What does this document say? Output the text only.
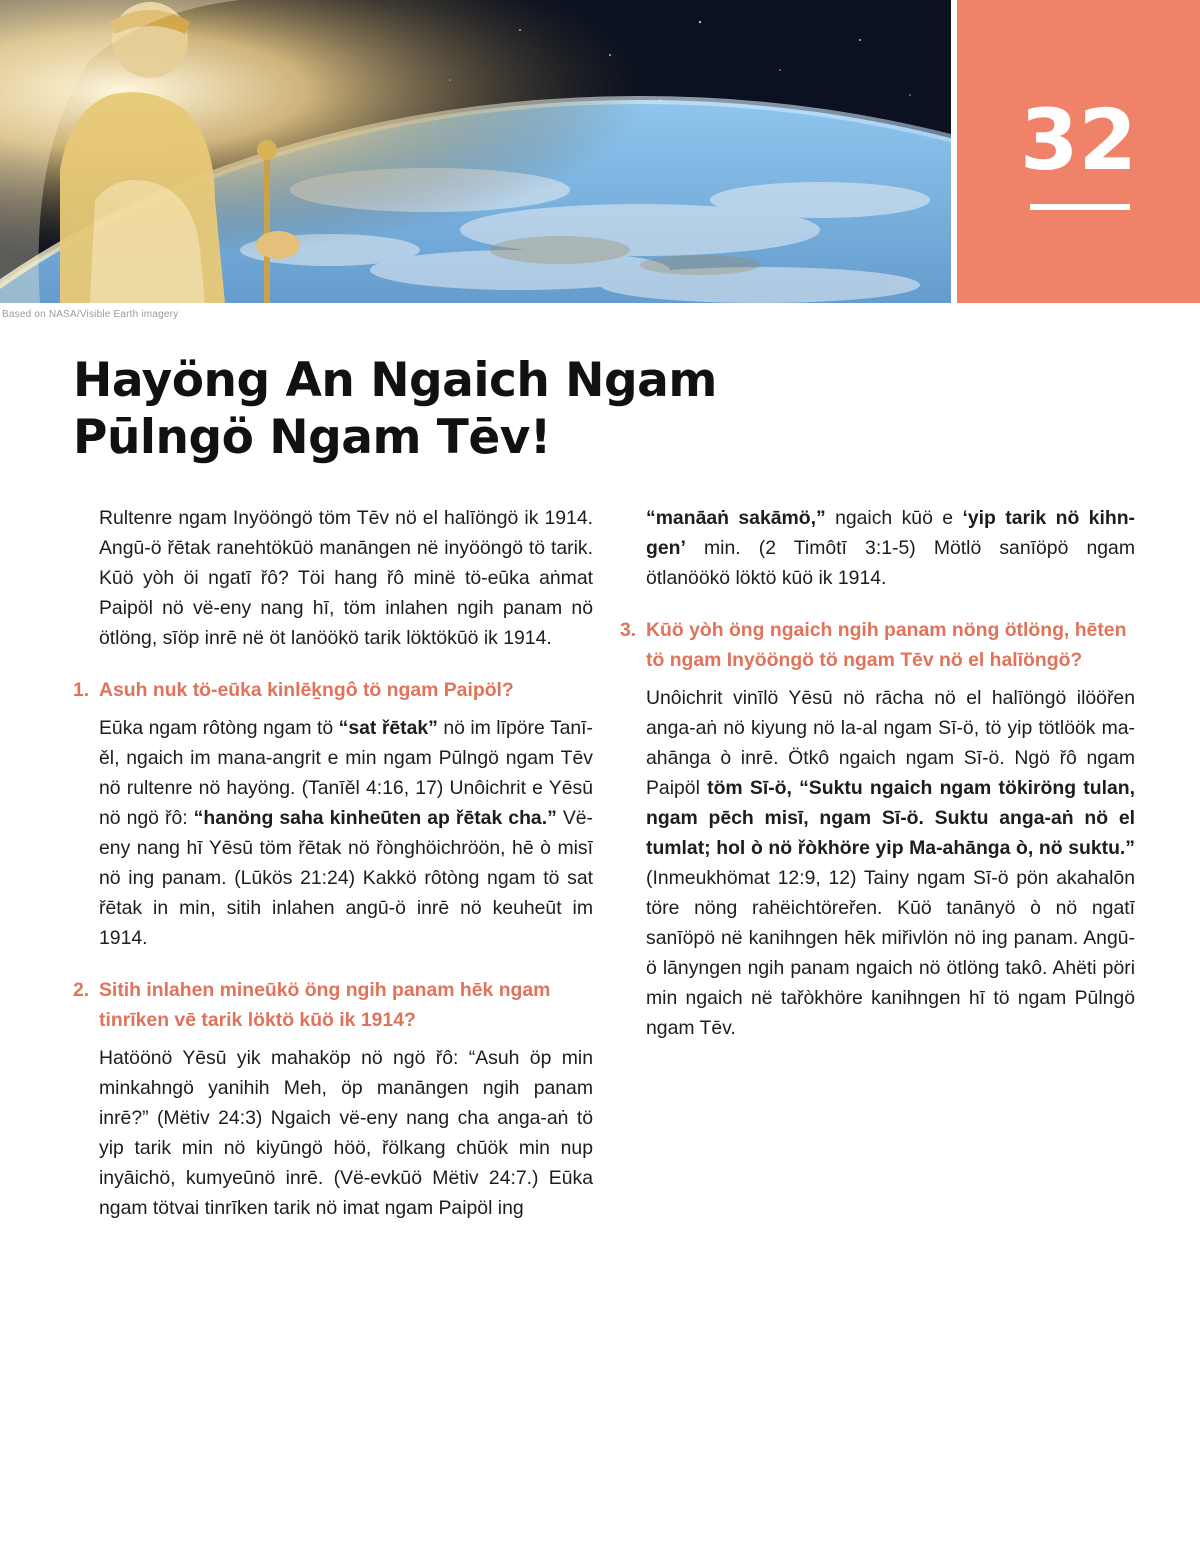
Based on NASA/Visible Earth imagery
32
Hayöng An Ngaich Ngam
Pūlngö Ngam Tēv!

Rultenre ngam Inyööngö töm Tēv nö el halīöngö ik 1914. Angū-ö řētak ranehtökūö manāngen në inyööngö tö tarik. Kūö yòh öi ngatī řô? Töi hang řô minë tö-eūka aṅmat Paipöl nö vë-eny nang hī, töm inlahen ngih panam nö ötlöng, sīöp inrē në öt lanöökö tarik löktökūö ik 1914.

1. Asuh nuk tö-eūka kinlēḵngô tö ngam Paipöl?

Eūka ngam rôtòng ngam tö “sat řētak” nö im līpöre Tanī-ěl, ngaich im mana-angrit e min ngam Pūlngö ngam Tēv nö rultenre nö hayöng. (Tanīěl 4:16, 17) Unôichrit e Yēsū nö ngö řô: “hanöng saha kinheūten ap řētak cha.” Vë-eny nang hī Yēsū töm řētak nö řònghöichröön, hē ò misī nö ing panam. (Lūkös 21:24) Kakkö rôtòng ngam tö sat řētak in min, sitih inlahen angū-ö inrē nö keuheūt im 1914.

2. Sitih inlahen mineūkö öng ngih panam hēk ngam tinrīken vē tarik löktö kūö ik 1914?

Hatöönö Yēsū yik mahaköp nö ngö řô: “Asuh öp min minkahngö yanihih Meh, öp manāngen ngih panam inrē?” (Mëtiv 24:3) Ngaich vë-eny nang cha anga-aṅ tö yip tarik min nö kiyūngö höö, řölkang chūök min nup inyāichö, kumyeūnö inrē. (Vë-evkūö Mëtiv 24:7.) Eūka ngam tötvai tinrīken tarik nö imat ngam Paipöl ing

“manāaṅ sakāmö,” ngaich kūö e ‘yip tarik nö kihngen’ min. (2 Timôtī 3:1-5) Mötlö sanīöpö ngam ötlanöökö löktö kūö ik 1914.

3. Kūö yòh öng ngaich ngih panam nöng ötlöng, hēten tö ngam Inyööngö tö ngam Tēv nö el halīöngö?

Unôichrit vinīlö Yēsū nö rācha nö el halīöngö ilööřen anga-aṅ nö kiyung nö la-al ngam Sī-ö, tö yip tötlöök ma-ahānga ò inrē. Ötkô ngaich ngam Sī-ö. Ngö řô ngam Paipöl töm Sī-ö, “Suktu ngaich ngam tökiröng tulan, ngam pēch misī, ngam Sī-ö. Suktu anga-aṅ nö el tumlat; hol ò nö řòkhöre yip Ma-ahānga ò, nö suktu.” (Inmeukhömat 12:9, 12) Tainy ngam Sī-ö pön akahalōn töre nöng rahëichtöreřen. Kūö tanānyö ò nö ngatī sanīöpö në kanihngen hēk miřivlön nö ing panam. Angū-ö lānyngen ngih panam ngaich nö ötlöng takô. Ahëti pöri min ngaich në tařòkhöre kanihngen hī tö ngam Pūlngö ngam Tēv.
